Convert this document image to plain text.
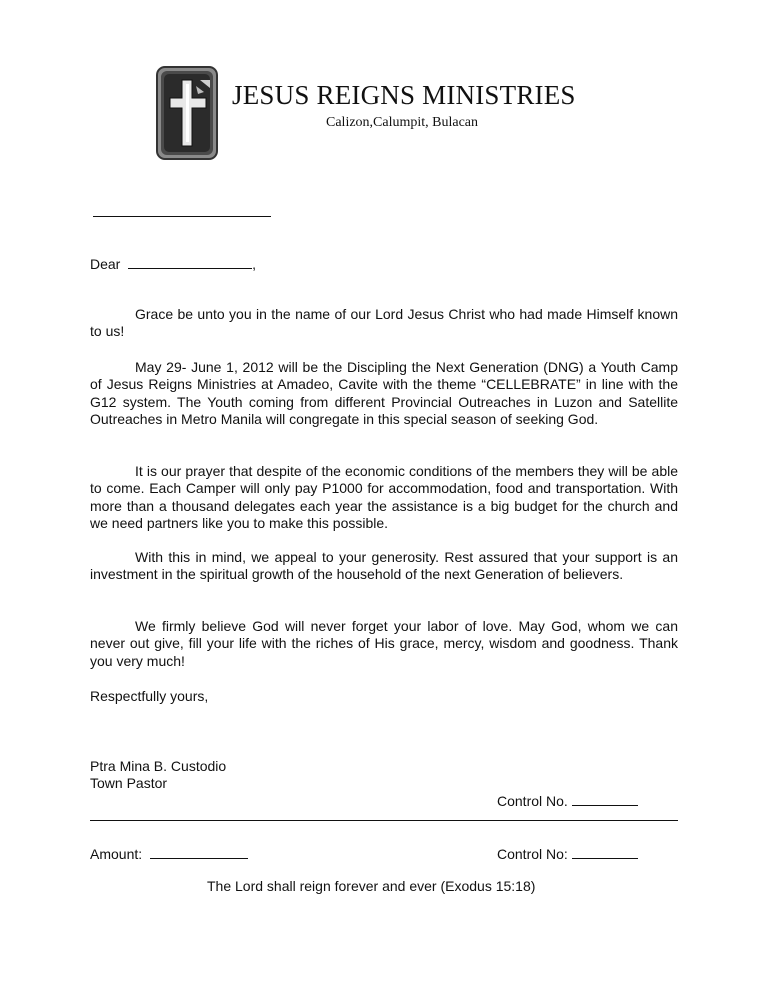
JESUS REIGNS MINISTRIES
Calizon,Calumpit, Bulacan
Dear	,

Grace be unto you in the name of our Lord Jesus Christ who had made Himself known to us!

May 29- June 1, 2012 will be the Discipling the Next Generation (DNG) a Youth Camp of Jesus Reigns Ministries at Amadeo, Cavite with the theme “CELLEBRATE” in line with the G12 system. The Youth coming from different Provincial Outreaches in Luzon and Satellite Outreaches in Metro Manila will congregate in this special season of seeking God.

It is our prayer that despite of the economic conditions of the members they will be able to come. Each Camper will only pay P1000 for accommodation, food and transportation. With more than a thousand delegates each year the assistance is a big budget for the church and we need partners like you to make this possible.

With this in mind, we appeal to your generosity. Rest assured that your support is an investment in the spiritual growth of the household of the next Generation of believers.

We firmly believe God will never forget your labor of love. May God, whom we can never out give, fill your life with the riches of His grace, mercy, wisdom and goodness. Thank you very much!

Respectfully yours,
Ptra Mina B. Custodio
Town Pastor
Control No.
Amount:	Control No:
The Lord shall reign forever and ever (Exodus 15:18)
